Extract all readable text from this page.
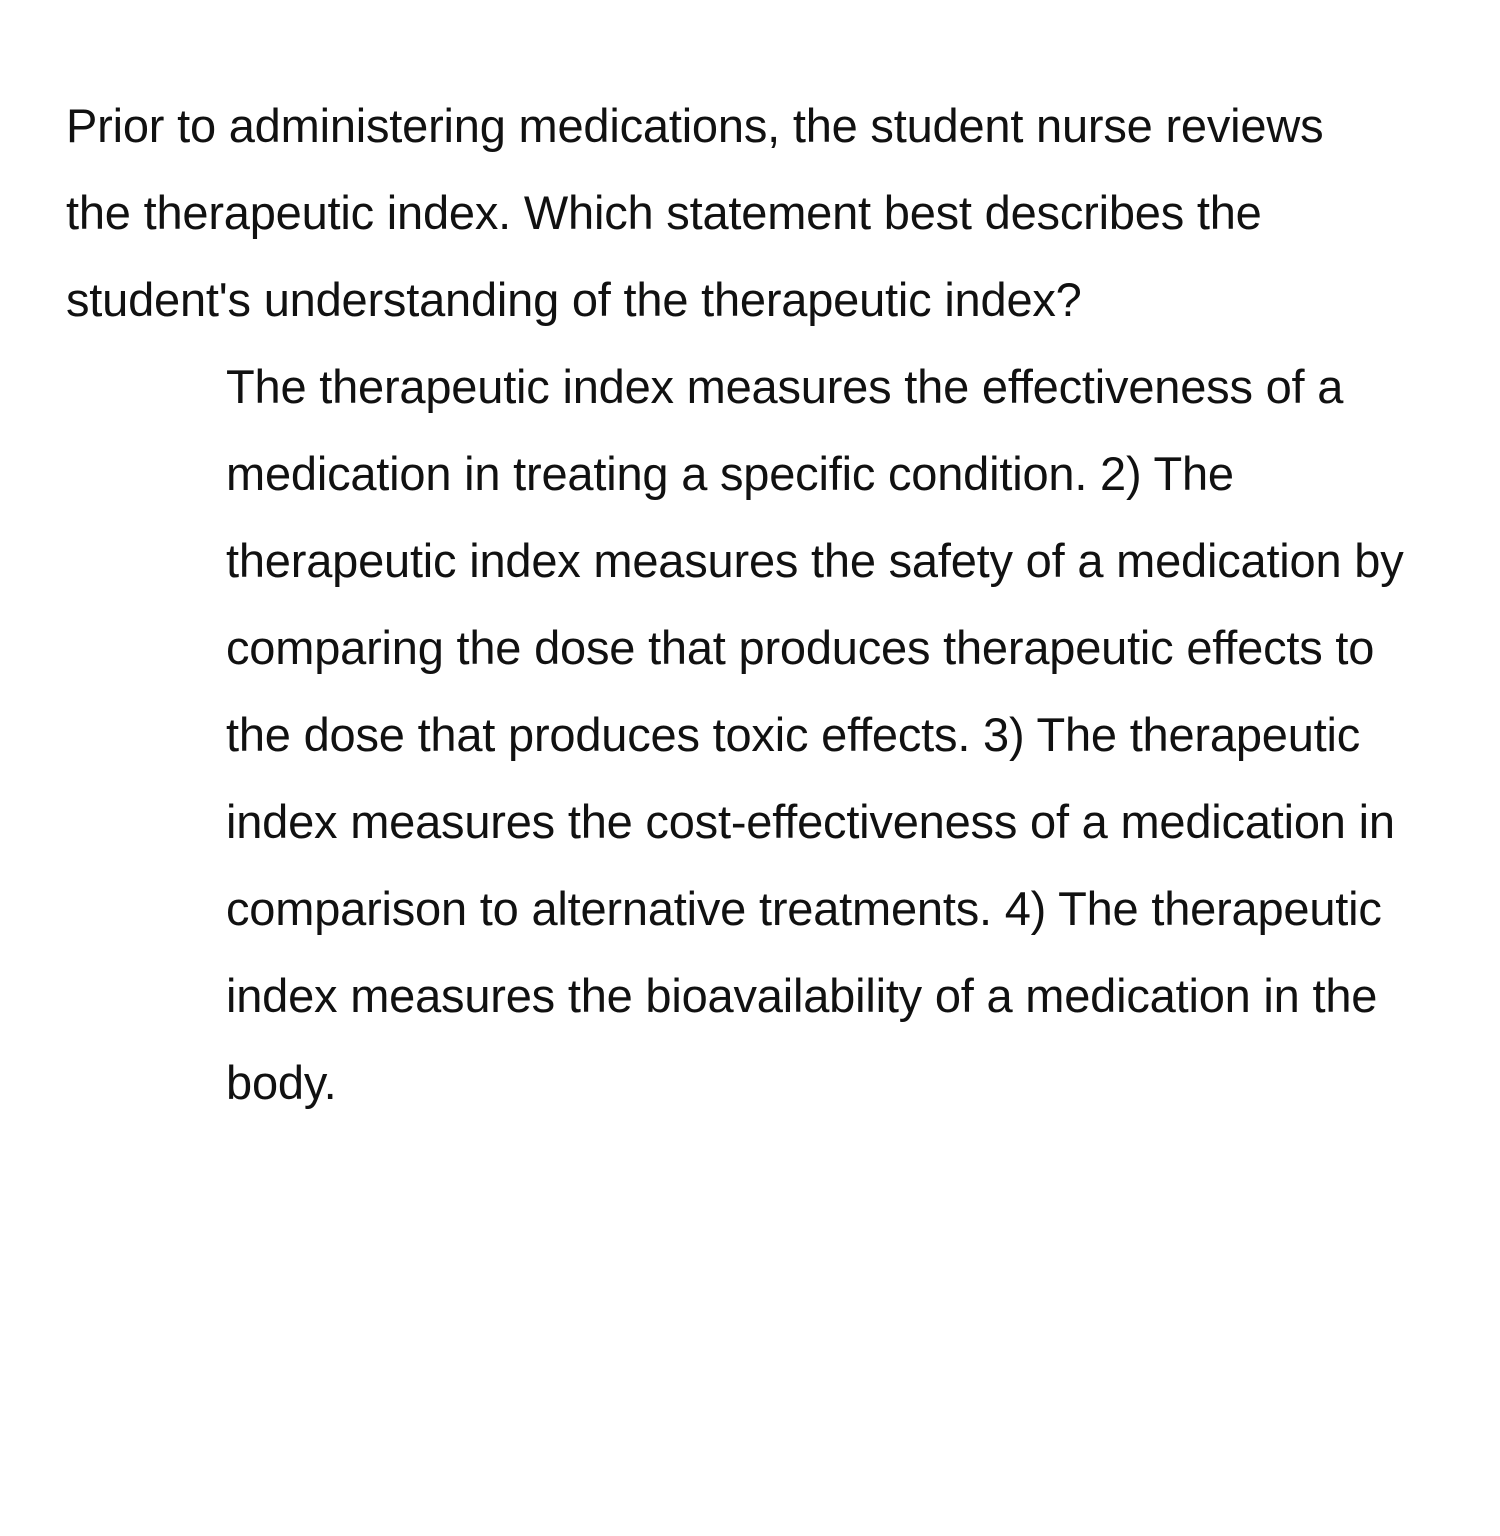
Prior to administering medications, the student nurse reviews the therapeutic index. Which statement best describes the student's understanding of the therapeutic index?

The therapeutic index measures the effectiveness of a medication in treating a specific condition. 2) The therapeutic index measures the safety of a medication by comparing the dose that produces therapeutic effects to the dose that produces toxic effects. 3) The therapeutic index measures the cost-effectiveness of a medication in comparison to alternative treatments. 4) The therapeutic index measures the bioavailability of a medication in the body.
